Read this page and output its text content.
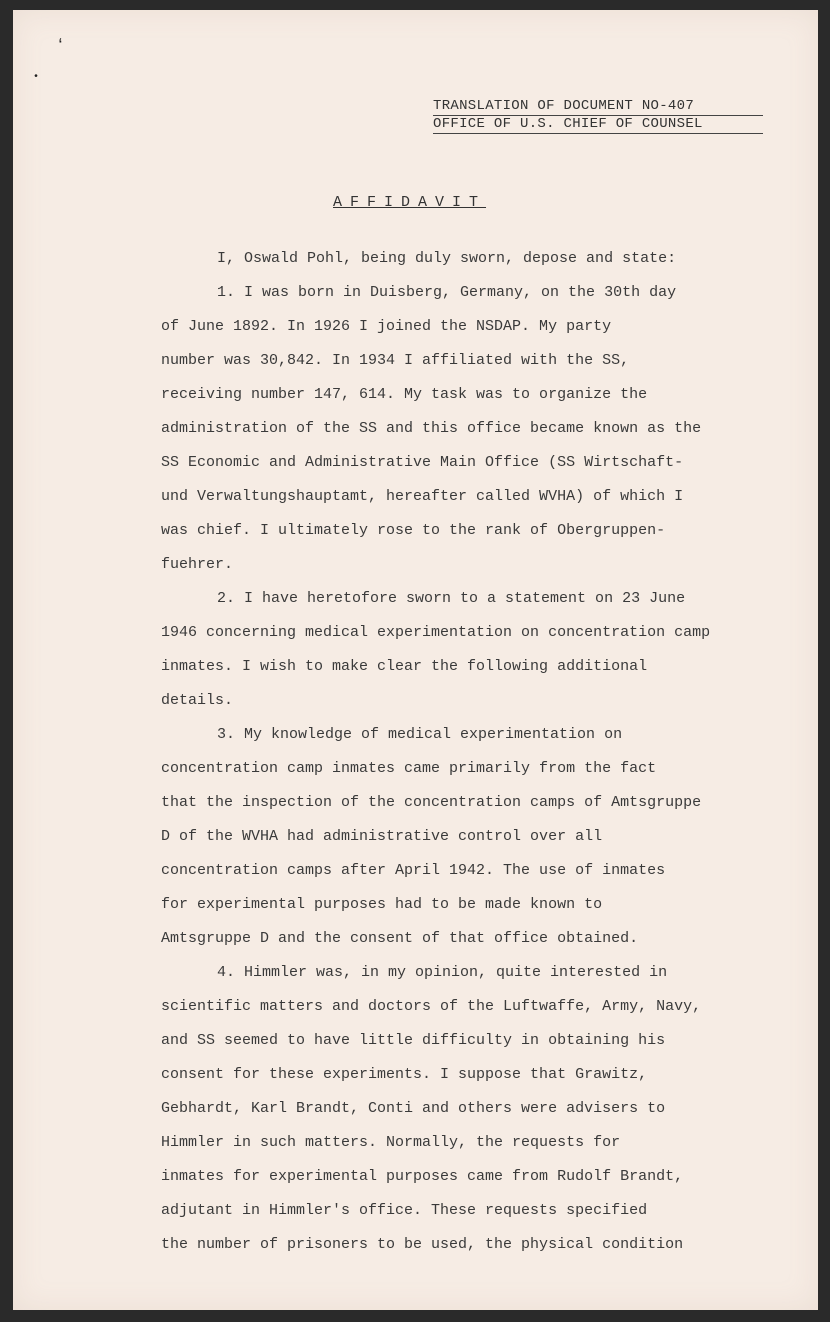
ʻ
•
TRANSLATION OF DOCUMENT NO-407
OFFICE OF U.S. CHIEF OF COUNSEL
AFFIDAVIT
I, Oswald Pohl, being duly sworn, depose and state:
1. I was born in Duisberg, Germany, on the 30th day
of June 1892. In 1926 I joined the NSDAP. My party
number was 30,842. In 1934 I affiliated with the SS,
receiving number 147, 614. My task was to organize the
administration of the SS and this office became known as the
SS Economic and Administrative Main Office (SS Wirtschaft-
und Verwaltungshauptamt, hereafter called WVHA) of which I
was chief. I ultimately rose to the rank of Obergruppen-
fuehrer.
2. I have heretofore sworn to a statement on 23 June
1946 concerning medical experimentation on concentration camp
inmates. I wish to make clear the following additional
details.
3. My knowledge of medical experimentation on
concentration camp inmates came primarily from the fact
that the inspection of the concentration camps of Amtsgruppe
D of the WVHA had administrative control over all
concentration camps after April 1942. The use of inmates
for experimental purposes had to be made known to
Amtsgruppe D and the consent of that office obtained.
4. Himmler was, in my opinion, quite interested in
scientific matters and doctors of the Luftwaffe, Army, Navy,
and SS seemed to have little difficulty in obtaining his
consent for these experiments. I suppose that Grawitz,
Gebhardt, Karl Brandt, Conti and others were advisers to
Himmler in such matters. Normally, the requests for
inmates for experimental purposes came from Rudolf Brandt,
adjutant in Himmler's office. These requests specified
the number of prisoners to be used, the physical condition
